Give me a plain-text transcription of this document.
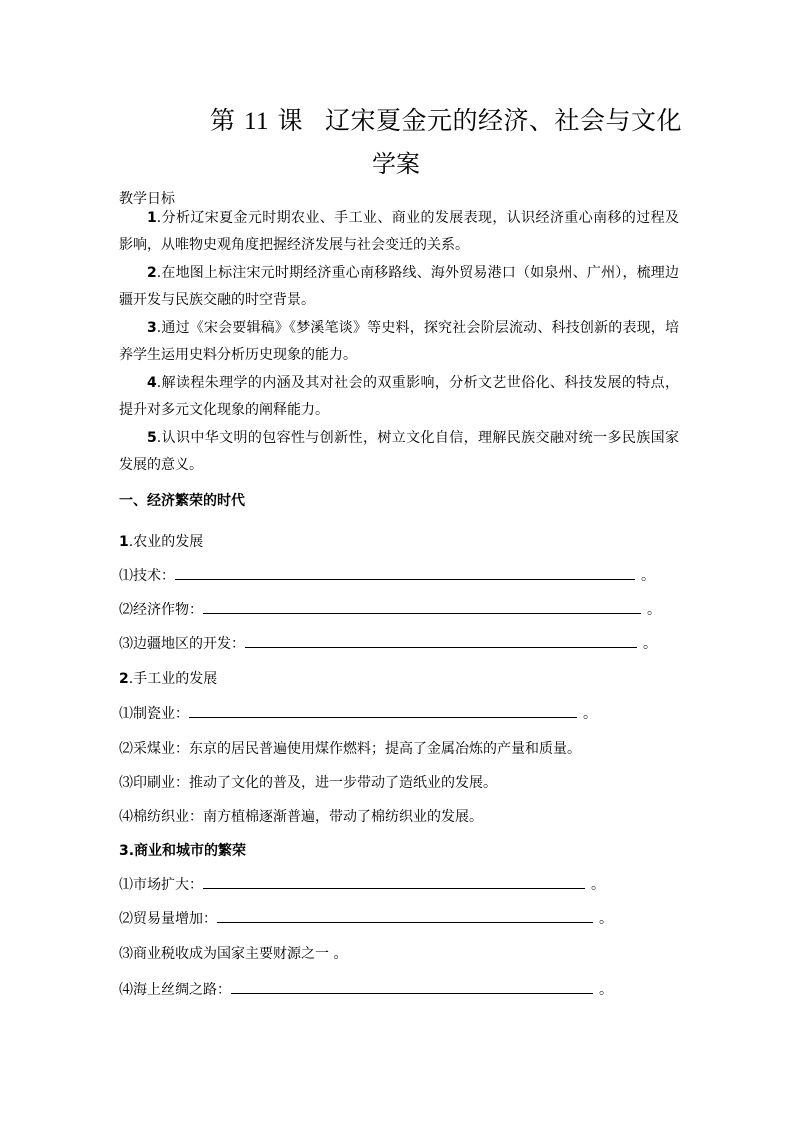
第 11 课 辽宋夏金元的经济、社会与文化
学案
教学日标
1.分析辽宋夏金元时期农业、手工业、商业的发展表现，认识经济重心南移的过程及影响，从唯物史观角度把握经济发展与社会变迁的关系。
2.在地图上标注宋元时期经济重心南移路线、海外贸易港口（如泉州、广州），梳理边疆开发与民族交融的时空背景。
3.通过《宋会要辑稿》《梦溪笔谈》等史料，探究社会阶层流动、科技创新的表现，培养学生运用史料分析历史现象的能力。
4.解读程朱理学的内涵及其对社会的双重影响，分析文艺世俗化、科技发展的特点，提升对多元文化现象的阐释能力。
5.认识中华文明的包容性与创新性，树立文化自信，理解民族交融对统一多民族国家发展的意义。
一、经济繁荣的时代
1.农业的发展
⑴技术：	。
⑵经济作物：	。
⑶边疆地区的开发：	。
2.手工业的发展
⑴制瓷业：	。
⑵采煤业：东京的居民普遍使用煤作燃料；提高了金属冶炼的产量和质量。
⑶印刷业：推动了文化的普及，进一步带动了造纸业的发展。
⑷棉纺织业：南方植棉逐渐普遍，带动了棉纺织业的发展。
3.商业和城市的繁荣
⑴市场扩大：	。
⑵贸易量增加：	。
⑶商业税收成为国家主要财源之一 。
⑷海上丝绸之路：	。
